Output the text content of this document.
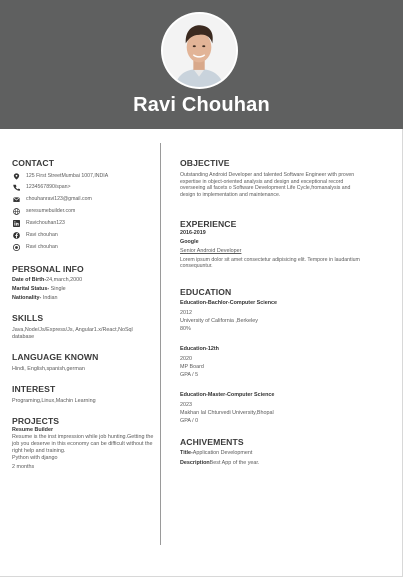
Ravi Chouhan
CONTACT
125 First StreetMumbai 1007,INDIA
1234567890/span>
chouhanravi123@gmail.com
seresumebuilder.com
Ravichouhan123
Ravi chouhan
Ravi chouhan
PERSONAL INFO
Date of Birth-24,march,2000
Marital Status- Single
Nationality- Indian
SKILLS
Java,Node/Js/Express/Js, Angular1.x/React,NoSql database
LANGUAGE KNOWN
Hindi, English,spanish,german
INTEREST
Programing,Linux,Machin Learning
PROJECTS
Resume Builder
Resume is the inst impression while job hunting.Getting the job you deserve in this economy can be difficult without the right help and training.
Python with django
2 months
OBJECTIVE
Outstanding Android Developer and talented Software Engineer with proven expertise in object-oriented analysis and design and exceptional record overseeing all facets o Software Development Life Cycle,fromanalysis and design to implementation and maintenance.
EXPERIENCE
2016-2019
Google
Senior Android Developer
Lorem ipsum dolor sit amet consectetur adipisicing elit. Tempore in laudantium consequuntur.
EDUCATION
Education-Bachlor-Computer Science
2012
University of California ,Berkeley
80%
Education-12th
2020
MP Board
GPA / 5
Education-Master-Computer Science
2023
Makhan lal Chturvedi University,Bhopal
GPA / 0
ACHIVEMENTS
Title-Application Development
DescriptionBest App of the year.
